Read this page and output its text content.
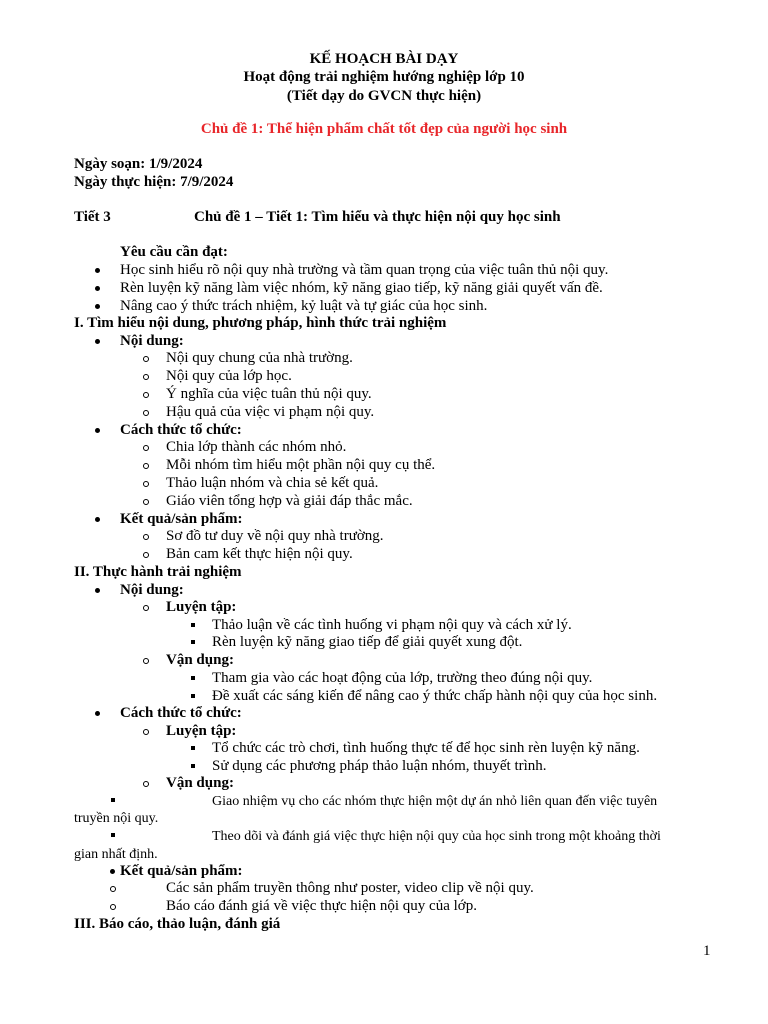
KẾ HOẠCH BÀI DẠY
Hoạt động trải nghiệm hướng nghiệp lớp 10
(Tiết dạy do GVCN thực hiện)
Chủ đề 1: Thể hiện phẩm chất tốt đẹp của người học sinh
Ngày soạn: 1/9/2024
Ngày thực hiện: 7/9/2024
Tiết 3	Chủ đề 1 – Tiết 1: Tìm hiểu và thực hiện nội quy học sinh
Yêu cầu cần đạt:
Học sinh hiểu rõ nội quy nhà trường và tầm quan trọng của việc tuân thủ nội quy.
Rèn luyện kỹ năng làm việc nhóm, kỹ năng giao tiếp, kỹ năng giải quyết vấn đề.
Nâng cao ý thức trách nhiệm, kỷ luật và tự giác của học sinh.
I. Tìm hiểu nội dung, phương pháp, hình thức trải nghiệm
Nội dung:
Nội quy chung của nhà trường.
Nội quy của lớp học.
Ý nghĩa của việc tuân thủ nội quy.
Hậu quả của việc vi phạm nội quy.
Cách thức tổ chức:
Chia lớp thành các nhóm nhỏ.
Mỗi nhóm tìm hiểu một phần nội quy cụ thể.
Thảo luận nhóm và chia sẻ kết quả.
Giáo viên tổng hợp và giải đáp thắc mắc.
Kết quả/sản phẩm:
Sơ đồ tư duy về nội quy nhà trường.
Bản cam kết thực hiện nội quy.
II. Thực hành trải nghiệm
Nội dung:
Luyện tập:
Thảo luận về các tình huống vi phạm nội quy và cách xử lý.
Rèn luyện kỹ năng giao tiếp để giải quyết xung đột.
Vận dụng:
Tham gia vào các hoạt động của lớp, trường theo đúng nội quy.
Đề xuất các sáng kiến để nâng cao ý thức chấp hành nội quy của học sinh.
Cách thức tổ chức:
Luyện tập:
Tổ chức các trò chơi, tình huống thực tế để học sinh rèn luyện kỹ năng.
Sử dụng các phương pháp thảo luận nhóm, thuyết trình.
Vận dụng:
Giao nhiệm vụ cho các nhóm thực hiện một dự án nhỏ liên quan đến việc tuyên
truyền nội quy.
Theo dõi và đánh giá việc thực hiện nội quy của học sinh trong một khoảng thời
gian nhất định.
Kết quả/sản phẩm:
Các sản phẩm truyền thông như poster, video clip về nội quy.
Báo cáo đánh giá về việc thực hiện nội quy của lớp.
III. Báo cáo, thảo luận, đánh giá
1
